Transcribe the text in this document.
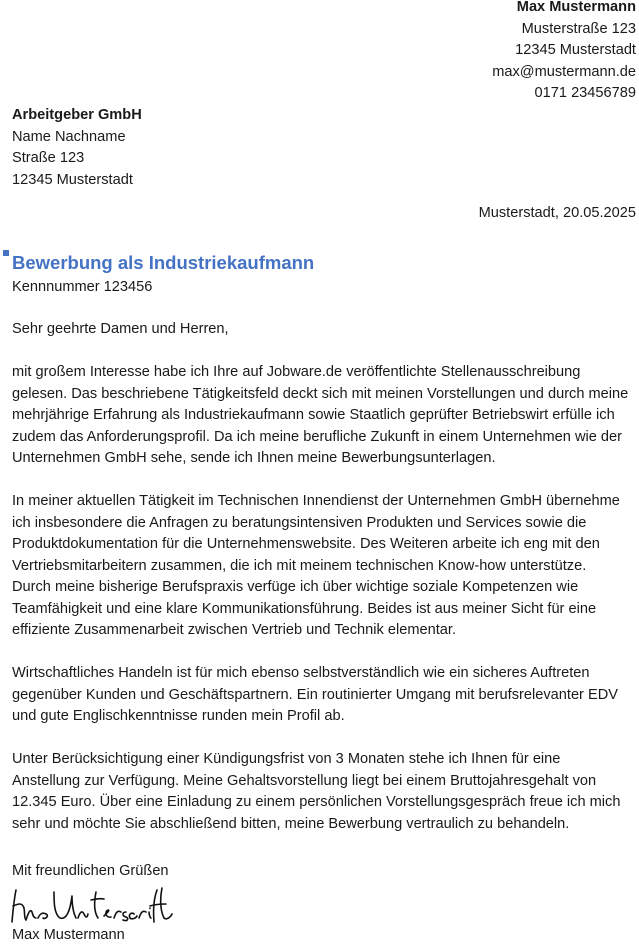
Max Mustermann
Musterstraße 123
12345 Musterstadt
max@mustermann.de
0171 23456789
Arbeitgeber GmbH
Name Nachname
Straße 123
12345 Musterstadt
Musterstadt, 20.05.2025
Bewerbung als Industriekaufmann
Kennnummer 123456

Sehr geehrte Damen und Herren,

mit großem Interesse habe ich Ihre auf Jobware.de veröffentlichte Stellenausschreibung
gelesen. Das beschriebene Tätigkeitsfeld deckt sich mit meinen Vorstellungen und durch meine
mehrjährige Erfahrung als Industriekaufmann sowie Staatlich geprüfter Betriebswirt erfülle ich
zudem das Anforderungsprofil. Da ich meine berufliche Zukunft in einem Unternehmen wie der
Unternehmen GmbH sehe, sende ich Ihnen meine Bewerbungsunterlagen.

In meiner aktuellen Tätigkeit im Technischen Innendienst der Unternehmen GmbH übernehme
ich insbesondere die Anfragen zu beratungsintensiven Produkten und Services sowie die
Produktdokumentation für die Unternehmenswebsite. Des Weiteren arbeite ich eng mit den
Vertriebsmitarbeitern zusammen, die ich mit meinem technischen Know-how unterstütze.
Durch meine bisherige Berufspraxis verfüge ich über wichtige soziale Kompetenzen wie
Teamfähigkeit und eine klare Kommunikationsführung. Beides ist aus meiner Sicht für eine
effiziente Zusammenarbeit zwischen Vertrieb und Technik elementar.

Wirtschaftliches Handeln ist für mich ebenso selbstverständlich wie ein sicheres Auftreten
gegenüber Kunden und Geschäftspartnern. Ein routinierter Umgang mit berufsrelevanter EDV
und gute Englischkenntnisse runden mein Profil ab.

Unter Berücksichtigung einer Kündigungsfrist von 3 Monaten stehe ich Ihnen für eine
Anstellung zur Verfügung. Meine Gehaltsvorstellung liegt bei einem Bruttojahresgehalt von
12.345 Euro. Über eine Einladung zu einem persönlichen Vorstellungsgespräch freue ich mich
sehr und möchte Sie abschließend bitten, meine Bewerbung vertraulich zu behandeln.

Mit freundlichen Grüßen
Max Mustermann
